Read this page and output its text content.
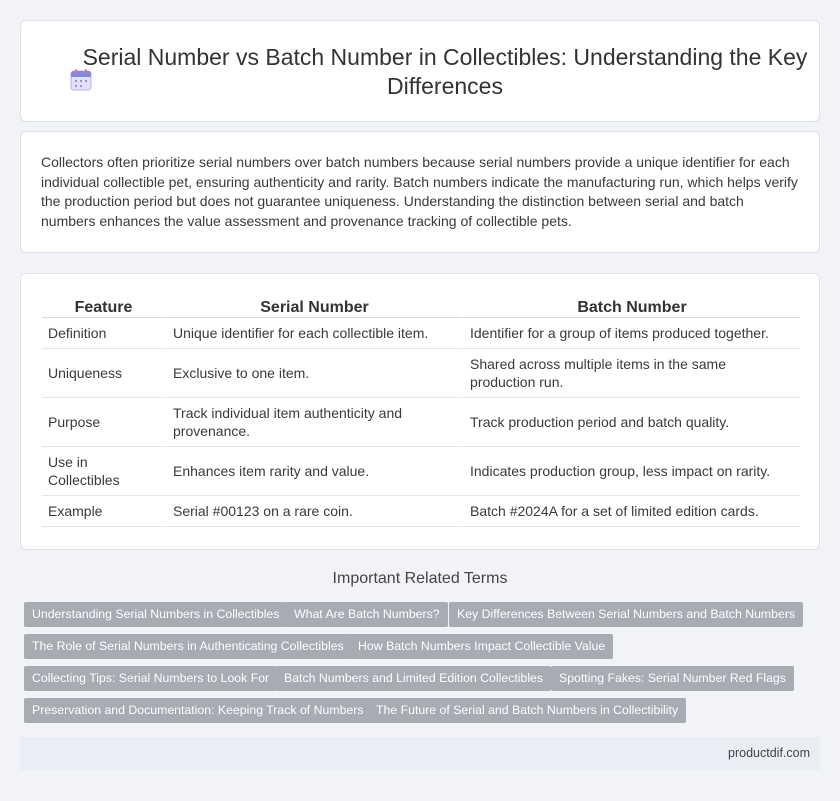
Serial Number vs Batch Number in Collectibles: Understanding the Key Differences

Collectors often prioritize serial numbers over batch numbers because serial numbers provide a unique identifier for each individual collectible pet, ensuring authenticity and rarity. Batch numbers indicate the manufacturing run, which helps verify the production period but does not guarantee uniqueness. Understanding the distinction between serial and batch numbers enhances the value assessment and provenance tracking of collectible pets.

Feature	Serial Number	Batch Number
Definition	Unique identifier for each collectible item.	Identifier for a group of items produced together.
Uniqueness	Exclusive to one item.	Shared across multiple items in the same production run.
Purpose	Track individual item authenticity and provenance.	Track production period and batch quality.
Use in Collectibles	Enhances item rarity and value.	Indicates production group, less impact on rarity.
Example	Serial #00123 on a rare coin.	Batch #2024A for a set of limited edition cards.
Important Related Terms
Understanding Serial Numbers in Collectibles	What Are Batch Numbers?	Key Differences Between Serial Numbers and Batch Numbers
The Role of Serial Numbers in Authenticating Collectibles	How Batch Numbers Impact Collectible Value
Collecting Tips: Serial Numbers to Look For	Batch Numbers and Limited Edition Collectibles	Spotting Fakes: Serial Number Red Flags
Preservation and Documentation: Keeping Track of Numbers	The Future of Serial and Batch Numbers in Collectibility
productdif.com
